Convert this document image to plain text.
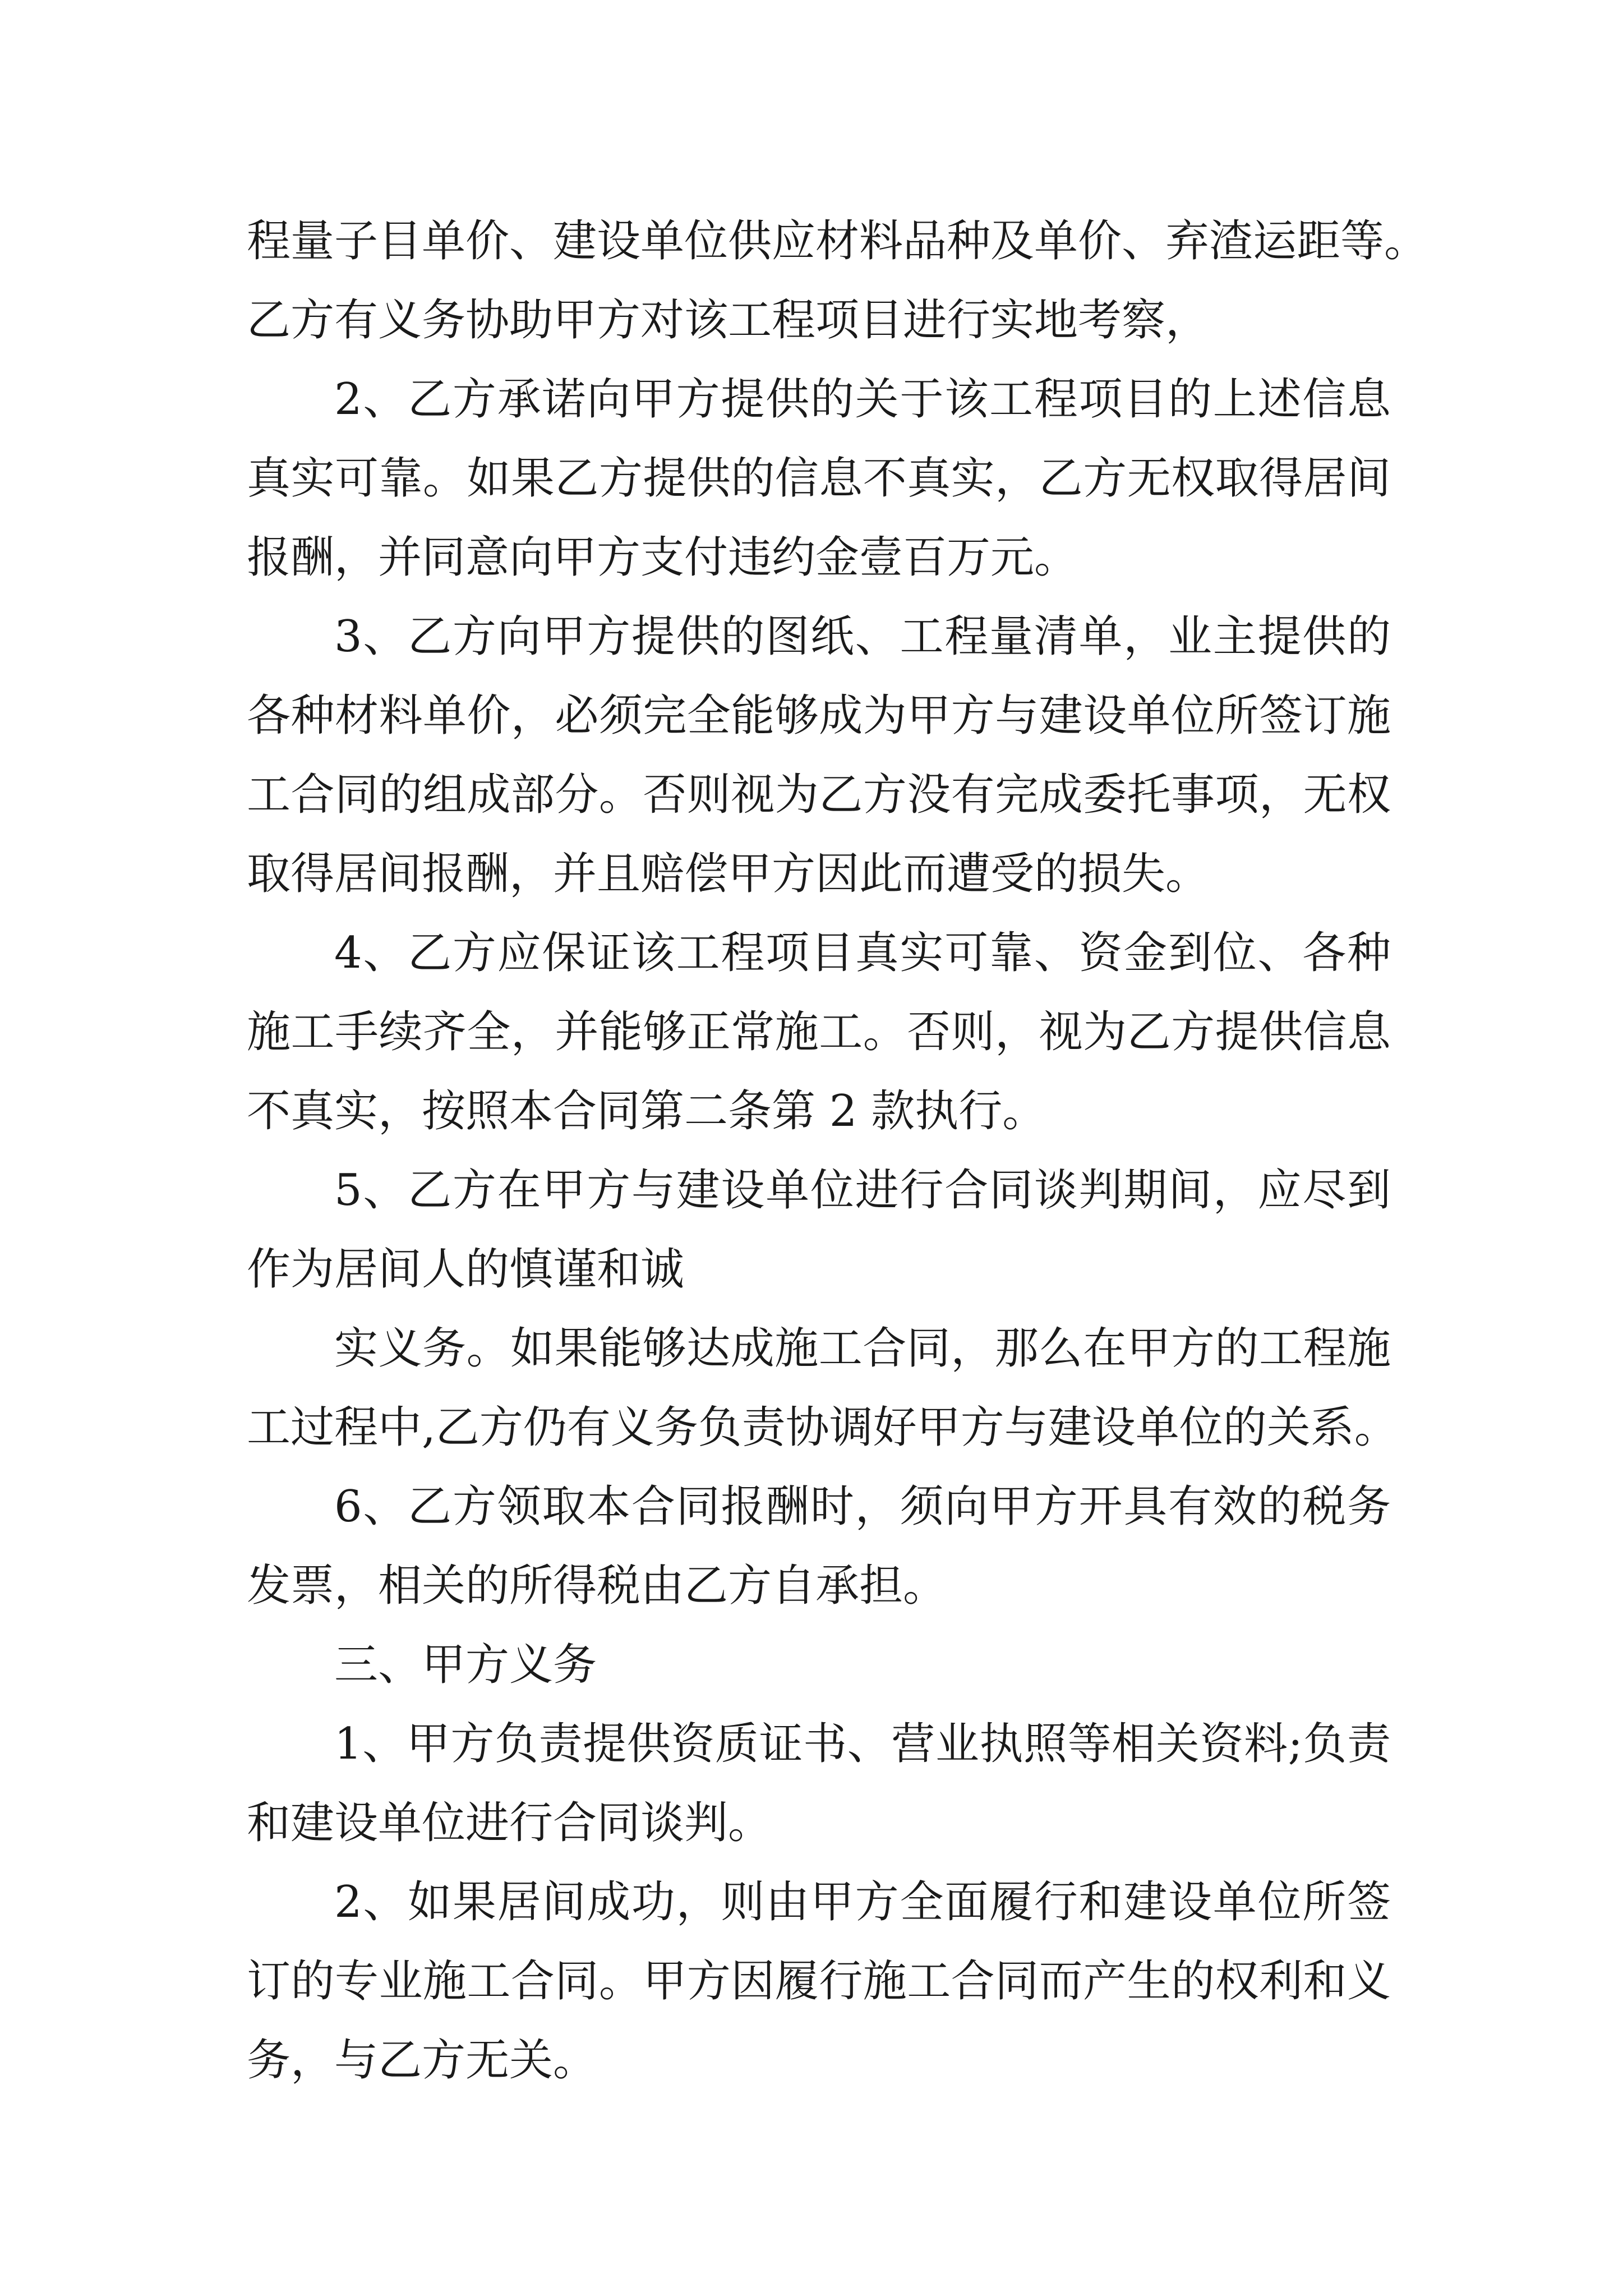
程量子目单价、建设单位供应材料品种及单价、弃渣运距等。
乙方有义务协助甲方对该工程项目进行实地考察，
2、乙方承诺向甲方提供的关于该工程项目的上述信息
真实可靠。如果乙方提供的信息不真实，乙方无权取得居间
报酬，并同意向甲方支付违约金壹百万元。
3、乙方向甲方提供的图纸、工程量清单，业主提供的
各种材料单价，必须完全能够成为甲方与建设单位所签订施
工合同的组成部分。否则视为乙方没有完成委托事项，无权
取得居间报酬，并且赔偿甲方因此而遭受的损失。
4、乙方应保证该工程项目真实可靠、资金到位、各种
施工手续齐全，并能够正常施工。否则，视为乙方提供信息
不真实，按照本合同第二条第 2 款执行。
5、乙方在甲方与建设单位进行合同谈判期间，应尽到
作为居间人的慎谨和诚
实义务。如果能够达成施工合同，那么在甲方的工程施
工过程中,乙方仍有义务负责协调好甲方与建设单位的关系。
6、乙方领取本合同报酬时，须向甲方开具有效的税务
发票，相关的所得税由乙方自承担。
三、甲方义务
1、甲方负责提供资质证书、营业执照等相关资料;负责
和建设单位进行合同谈判。
2、如果居间成功，则由甲方全面履行和建设单位所签
订的专业施工合同。甲方因履行施工合同而产生的权利和义
务，与乙方无关。
